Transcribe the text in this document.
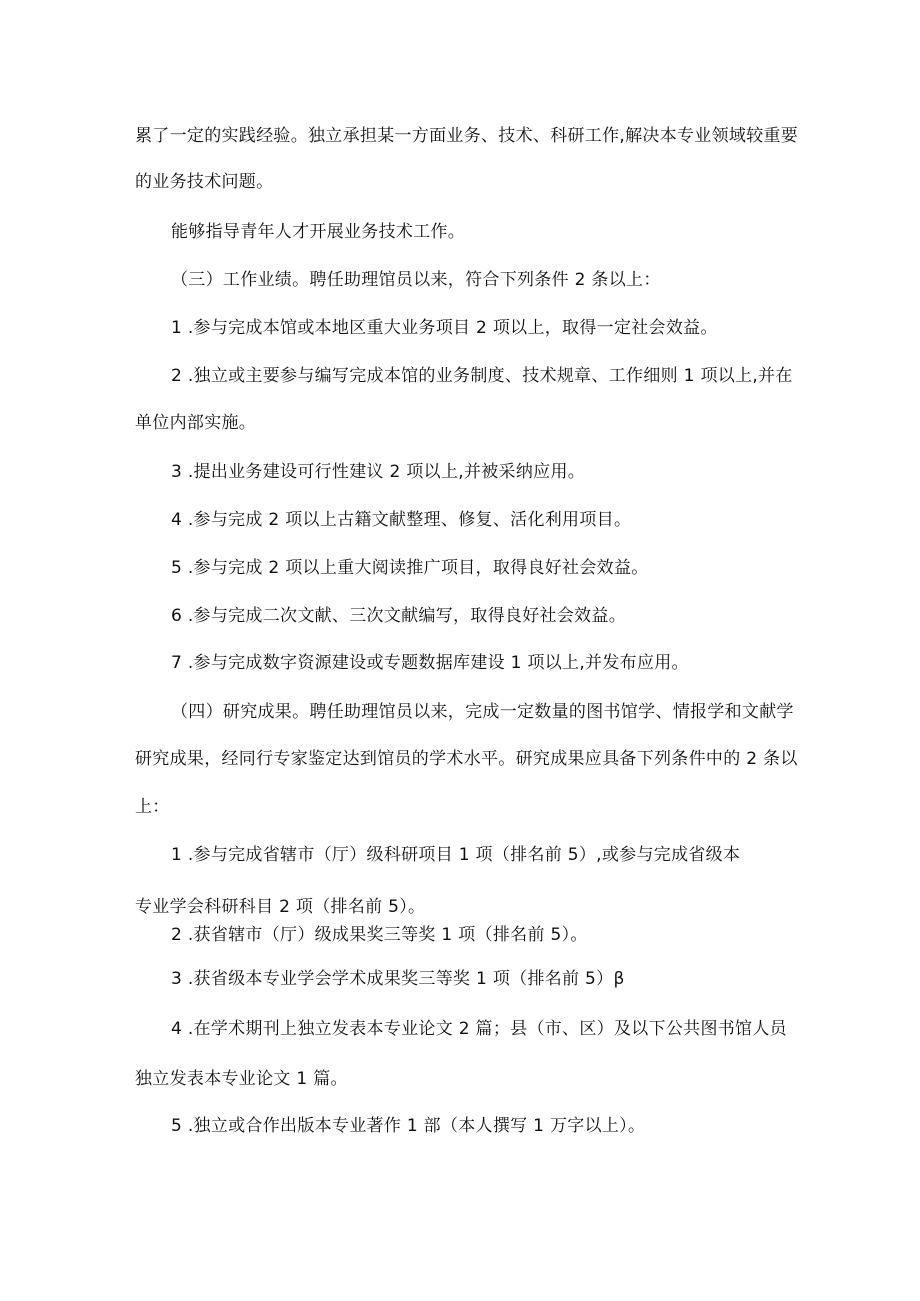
累了一定的实践经验。独立承担某一方面业务、技术、科研工作,解决本专业领域较重要
的业务技术问题。
能够指导青年人才开展业务技术工作。
（三）工作业绩。聘任助理馆员以来，符合下列条件 2 条以上：
1 .参与完成本馆或本地区重大业务项目 2 项以上，取得一定社会效益。
2 .独立或主要参与编写完成本馆的业务制度、技术规章、工作细则 1 项以上,并在
单位内部实施。
3 .提出业务建设可行性建议 2 项以上,并被采纳应用。
4 .参与完成 2 项以上古籍文献整理、修复、活化利用项目。
5 .参与完成 2 项以上重大阅读推广项目，取得良好社会效益。
6 .参与完成二次文献、三次文献编写，取得良好社会效益。
7 .参与完成数字资源建设或专题数据库建设 1 项以上,并发布应用。
（四）研究成果。聘任助理馆员以来，完成一定数量的图书馆学、情报学和文献学
研究成果，经同行专家鉴定达到馆员的学术水平。研究成果应具备下列条件中的 2 条以
上：
1 .参与完成省辖市（厅）级科研项目 1 项（排名前 5）,或参与完成省级本
专业学会科研科目 2 项（排名前 5）。
2 .获省辖市（厅）级成果奖三等奖 1 项（排名前 5）。
3 .获省级本专业学会学术成果奖三等奖 1 项（排名前 5）β
4 .在学术期刊上独立发表本专业论文 2 篇；县（市、区）及以下公共图书馆人员
独立发表本专业论文 1 篇。
5 .独立或合作出版本专业著作 1 部（本人撰写 1 万字以上）。
